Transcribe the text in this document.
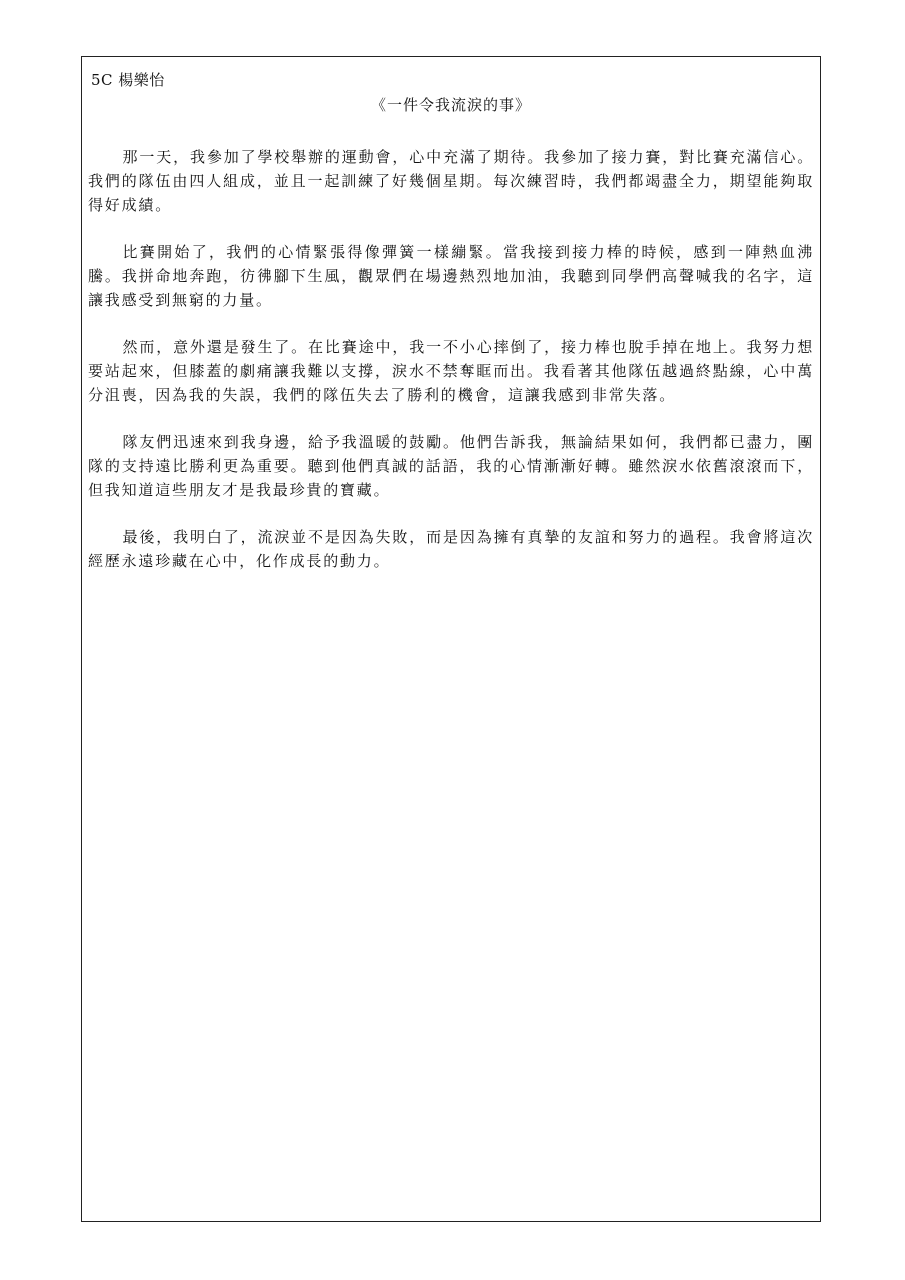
5C 楊樂怡
《一件令我流淚的事》

那一天，我參加了學校舉辦的運動會，心中充滿了期待。我參加了接力賽，對比賽充滿信心。我們的隊伍由四人組成，並且一起訓練了好幾個星期。每次練習時，我們都竭盡全力，期望能夠取得好成績。

比賽開始了，我們的心情緊張得像彈簧一樣繃緊。當我接到接力棒的時候，感到一陣熱血沸騰。我拼命地奔跑，彷彿腳下生風，觀眾們在場邊熱烈地加油，我聽到同學們高聲喊我的名字，這讓我感受到無窮的力量。

然而，意外還是發生了。在比賽途中，我一不小心摔倒了，接力棒也脫手掉在地上。我努力想要站起來，但膝蓋的劇痛讓我難以支撐，淚水不禁奪眶而出。我看著其他隊伍越過終點線，心中萬分沮喪，因為我的失誤，我們的隊伍失去了勝利的機會，這讓我感到非常失落。

隊友們迅速來到我身邊，給予我溫暖的鼓勵。他們告訴我，無論結果如何，我們都已盡力，團隊的支持遠比勝利更為重要。聽到他們真誠的話語，我的心情漸漸好轉。雖然淚水依舊滾滾而下，但我知道這些朋友才是我最珍貴的寶藏。

最後，我明白了，流淚並不是因為失敗，而是因為擁有真摯的友誼和努力的過程。我會將這次經歷永遠珍藏在心中，化作成長的動力。
